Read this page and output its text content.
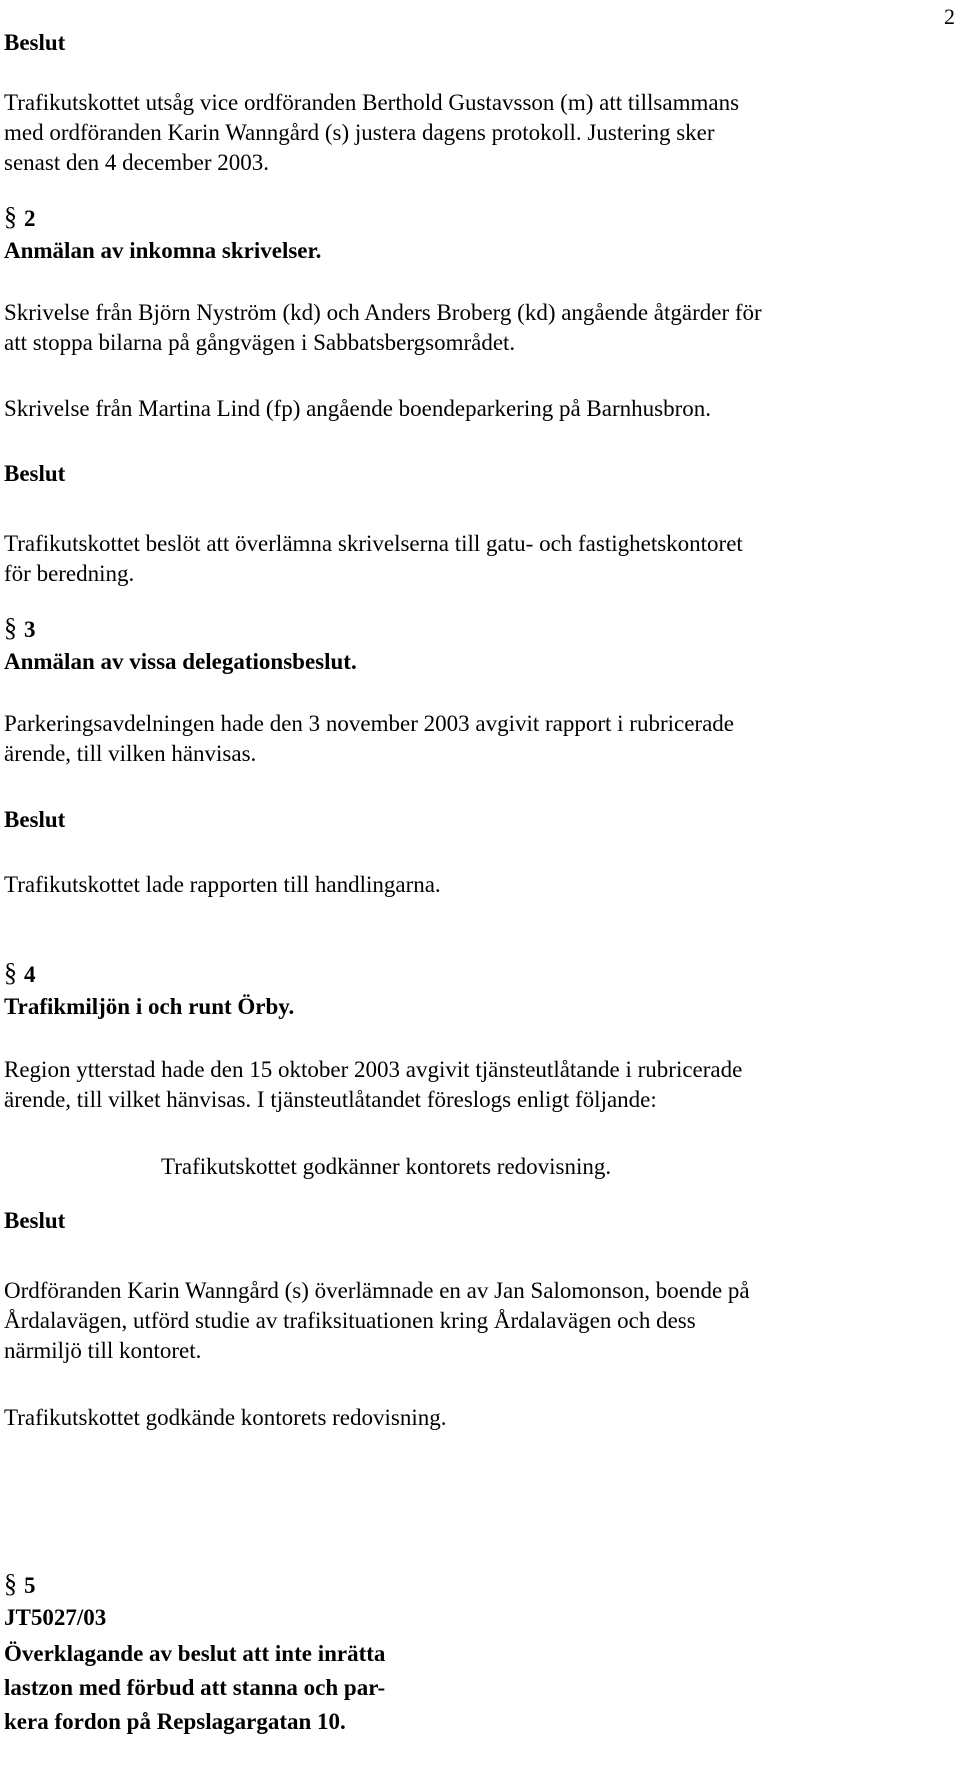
2
Beslut
Trafikutskottet utsåg vice ordföranden Berthold Gustavsson (m) att tillsammans
med ordföranden Karin Wanngård (s) justera dagens protokoll. Justering sker
senast den 4 december 2003.
§ 2
Anmälan av inkomna skrivelser.
Skrivelse från Björn Nyström (kd) och Anders Broberg (kd) angående åtgärder för
att stoppa bilarna på gångvägen i Sabbatsbergsområdet.
Skrivelse från Martina Lind (fp) angående boendeparkering på Barnhusbron.
Beslut
Trafikutskottet beslöt att överlämna skrivelserna till gatu- och fastighetskontoret
för beredning.
§ 3
Anmälan av vissa delegationsbeslut.
Parkeringsavdelningen hade den 3 november 2003 avgivit rapport i rubricerade
ärende, till vilken hänvisas.
Beslut
Trafikutskottet lade rapporten till handlingarna.
§ 4
Trafikmiljön i och runt Örby.
Region ytterstad hade den 15 oktober 2003 avgivit tjänsteutlåtande i rubricerade
ärende, till vilket hänvisas. I tjänsteutlåtandet föreslogs enligt följande:
Trafikutskottet godkänner kontorets redovisning.
Beslut
Ordföranden Karin Wanngård (s) överlämnade en av Jan Salomonson, boende på
Årdalavägen, utförd studie av trafiksituationen kring Årdalavägen och dess
närmiljö till kontoret.
Trafikutskottet godkände kontorets redovisning.
§ 5
JT5027/03
Överklagande av beslut att inte inrätta
lastzon med förbud att stanna och par-
kera fordon på Repslagargatan 10.
